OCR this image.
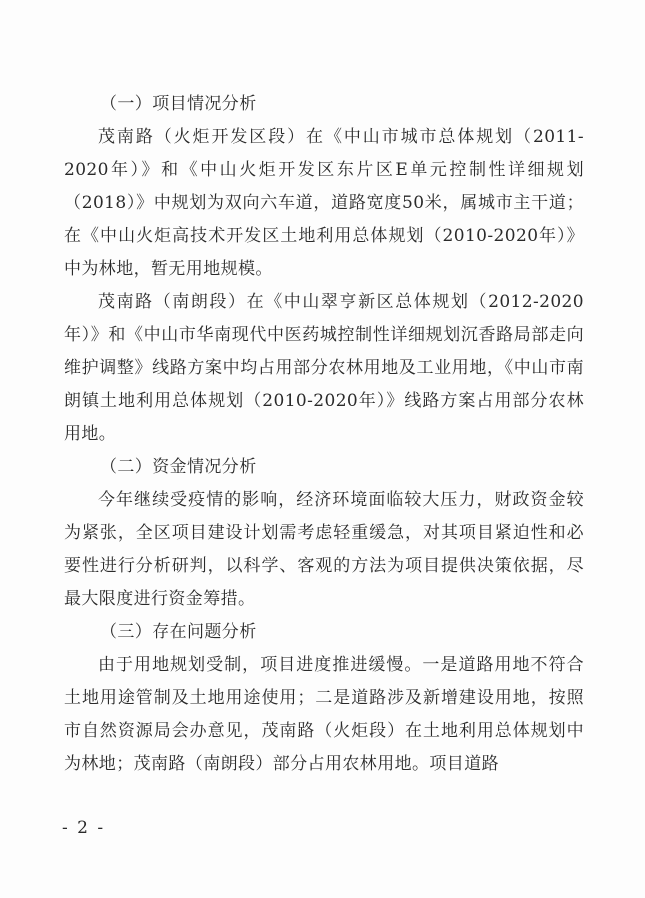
（一）项目情况分析

茂南路（火炬开发区段）在《中山市城市总体规划（2011-2020年）》和《中山火炬开发区东片区E单元控制性详细规划（2018）》中规划为双向六车道，道路宽度50米，属城市主干道；在《中山火炬高技术开发区土地利用总体规划（2010-2020年）》中为林地，暂无用地规模。

茂南路（南朗段）在《中山翠亨新区总体规划（2012-2020年）》和《中山市华南现代中医药城控制性详细规划沉香路局部走向维护调整》线路方案中均占用部分农林用地及工业用地，《中山市南朗镇土地利用总体规划（2010-2020年）》线路方案占用部分农林用地。

（二）资金情况分析

今年继续受疫情的影响，经济环境面临较大压力，财政资金较为紧张，全区项目建设计划需考虑轻重缓急，对其项目紧迫性和必要性进行分析研判，以科学、客观的方法为项目提供决策依据，尽最大限度进行资金筹措。

（三）存在问题分析

由于用地规划受制，项目进度推进缓慢。一是道路用地不符合土地用途管制及土地用途使用；二是道路涉及新增建设用地，按照市自然资源局会办意见，茂南路（火炬段）在土地利用总体规划中为林地；茂南路（南朗段）部分占用农林用地。项目道路

- 2 -
